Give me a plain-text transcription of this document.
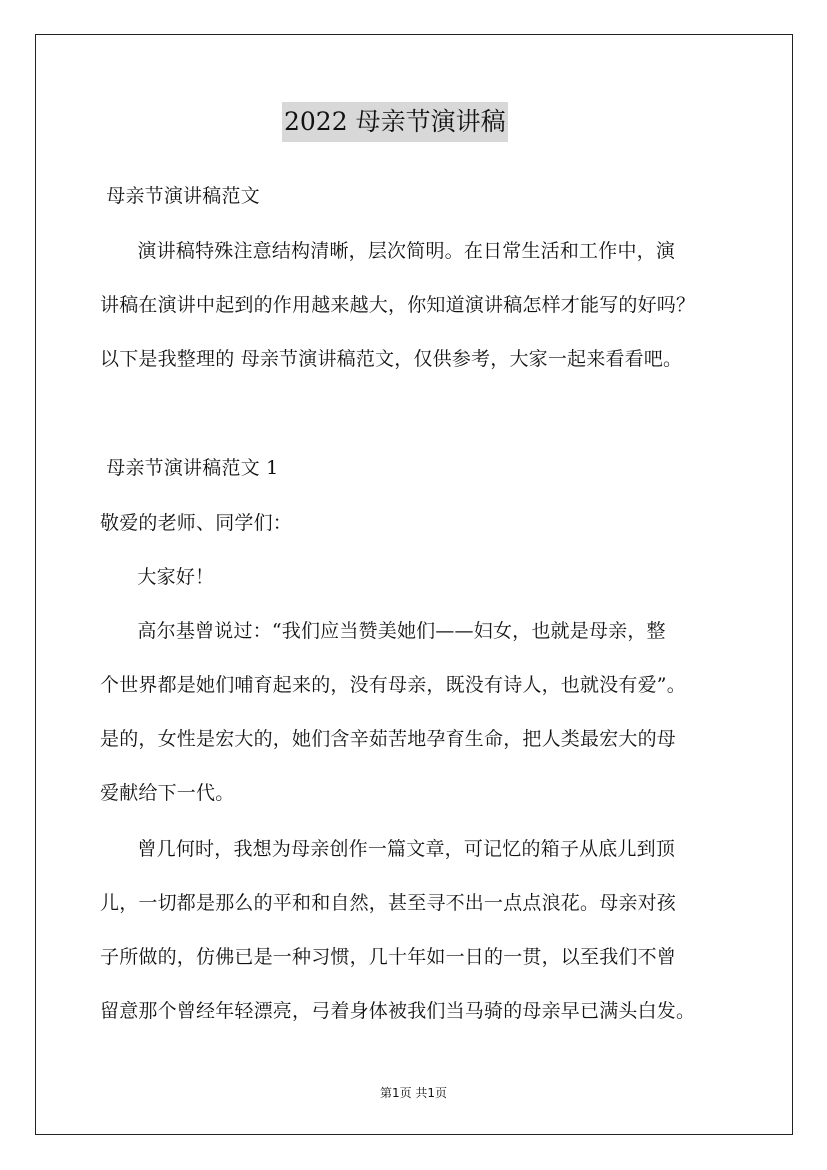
2022 母亲节演讲稿
母亲节演讲稿范文
演讲稿特殊注意结构清晰，层次简明。在日常生活和工作中，演
讲稿在演讲中起到的作用越来越大，你知道演讲稿怎样才能写的好吗？
以下是我整理的 母亲节演讲稿范文，仅供参考，大家一起来看看吧。
母亲节演讲稿范文 1
敬爱的老师、同学们：
大家好！
高尔基曾说过：“我们应当赞美她们——妇女，也就是母亲，整
个世界都是她们哺育起来的，没有母亲，既没有诗人，也就没有爱”。
是的，女性是宏大的，她们含辛茹苦地孕育生命，把人类最宏大的母
爱献给下一代。
曾几何时，我想为母亲创作一篇文章，可记忆的箱子从底儿到顶
儿，一切都是那么的平和和自然，甚至寻不出一点点浪花。母亲对孩
子所做的，仿佛已是一种习惯，几十年如一日的一贯，以至我们不曾
留意那个曾经年轻漂亮，弓着身体被我们当马骑的母亲早已满头白发。
第1页 共1页
